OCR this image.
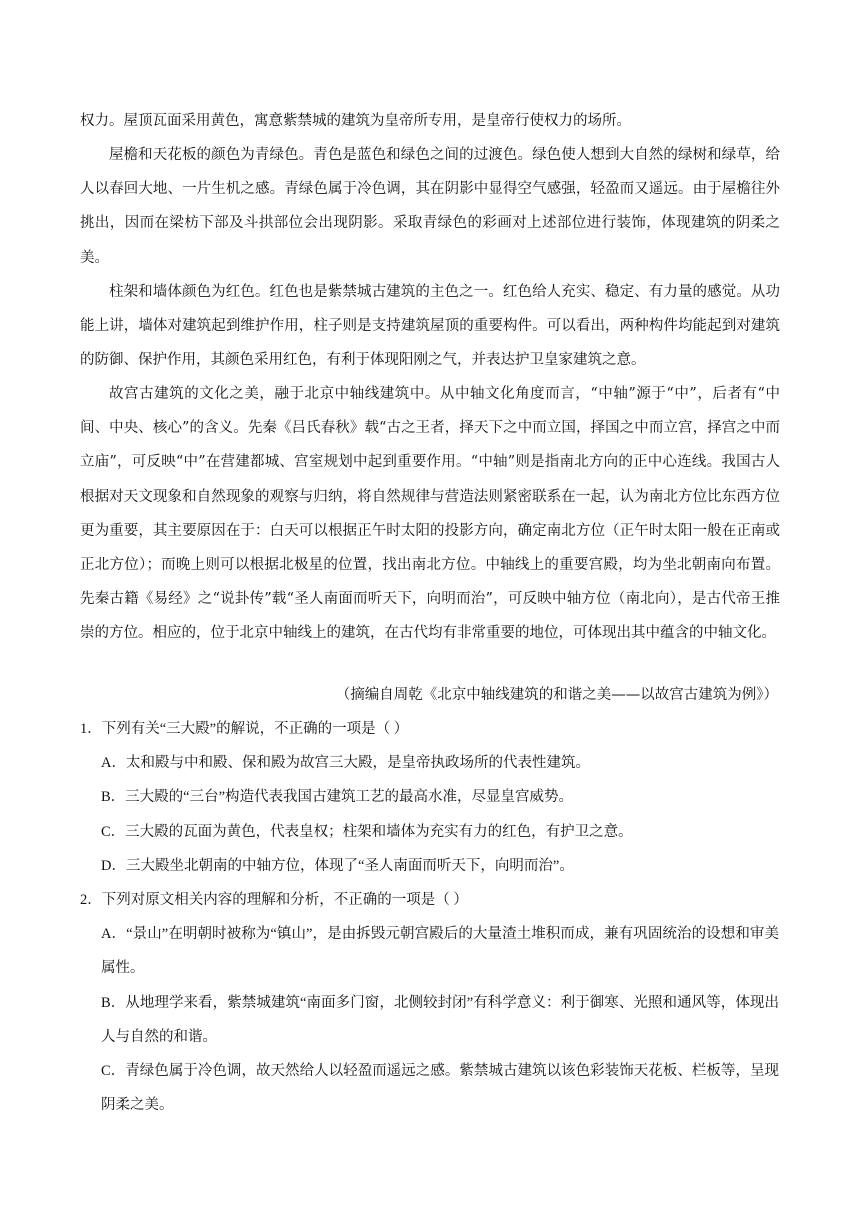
权力。屋顶瓦面采用黄色，寓意紫禁城的建筑为皇帝所专用，是皇帝行使权力的场所。

屋檐和天花板的颜色为青绿色。青色是蓝色和绿色之间的过渡色。绿色使人想到大自然的绿树和绿草，给人以春回大地、一片生机之感。青绿色属于冷色调，其在阴影中显得空气感强，轻盈而又遥远。由于屋檐往外挑出，因而在梁枋下部及斗拱部位会出现阴影。采取青绿色的彩画对上述部位进行装饰，体现建筑的阴柔之美。

柱架和墙体颜色为红色。红色也是紫禁城古建筑的主色之一。红色给人充实、稳定、有力量的感觉。从功能上讲，墙体对建筑起到维护作用，柱子则是支持建筑屋顶的重要构件。可以看出，两种构件均能起到对建筑的防御、保护作用，其颜色采用红色，有利于体现阳刚之气，并表达护卫皇家建筑之意。

故宫古建筑的文化之美，融于北京中轴线建筑中。从中轴文化角度而言，“中轴”源于“中”，后者有“中间、中央、核心”的含义。先秦《吕氏春秋》载“古之王者，择天下之中而立国，择国之中而立宫，择宫之中而立庙”，可反映“中”在营建都城、宫室规划中起到重要作用。“中轴”则是指南北方向的正中心连线。我国古人根据对天文现象和自然现象的观察与归纳，将自然规律与营造法则紧密联系在一起，认为南北方位比东西方位更为重要，其主要原因在于：白天可以根据正午时太阳的投影方向，确定南北方位（正午时太阳一般在正南或正北方位）；而晚上则可以根据北极星的位置，找出南北方位。中轴线上的重要宫殿，均为坐北朝南向布置。先秦古籍《易经》之“说卦传”载“圣人南面而听天下，向明而治”，可反映中轴方位（南北向），是古代帝王推崇的方位。相应的，位于北京中轴线上的建筑，在古代均有非常重要的地位，可体现出其中蕴含的中轴文化。

（摘编自周乾《北京中轴线建筑的和谐之美——以故宫古建筑为例》）

1．下列有关“三大殿”的解说，不正确的一项是（ ）

A．太和殿与中和殿、保和殿为故宫三大殿，是皇帝执政场所的代表性建筑。

B．三大殿的“三台”构造代表我国古建筑工艺的最高水准，尽显皇宫威势。

C．三大殿的瓦面为黄色，代表皇权；柱架和墙体为充实有力的红色，有护卫之意。

D．三大殿坐北朝南的中轴方位，体现了“圣人南面而听天下，向明而治”。

2．下列对原文相关内容的理解和分析，不正确的一项是（ ）

A．“景山”在明朝时被称为“镇山”，是由拆毁元朝宫殿后的大量渣土堆积而成，兼有巩固统治的设想和审美属性。

B．从地理学来看，紫禁城建筑“南面多门窗，北侧较封闭”有科学意义：利于御寒、光照和通风等，体现出人与自然的和谐。

C．青绿色属于冷色调，故天然给人以轻盈而遥远之感。紫禁城古建筑以该色彩装饰天花板、栏板等，呈现阴柔之美。
